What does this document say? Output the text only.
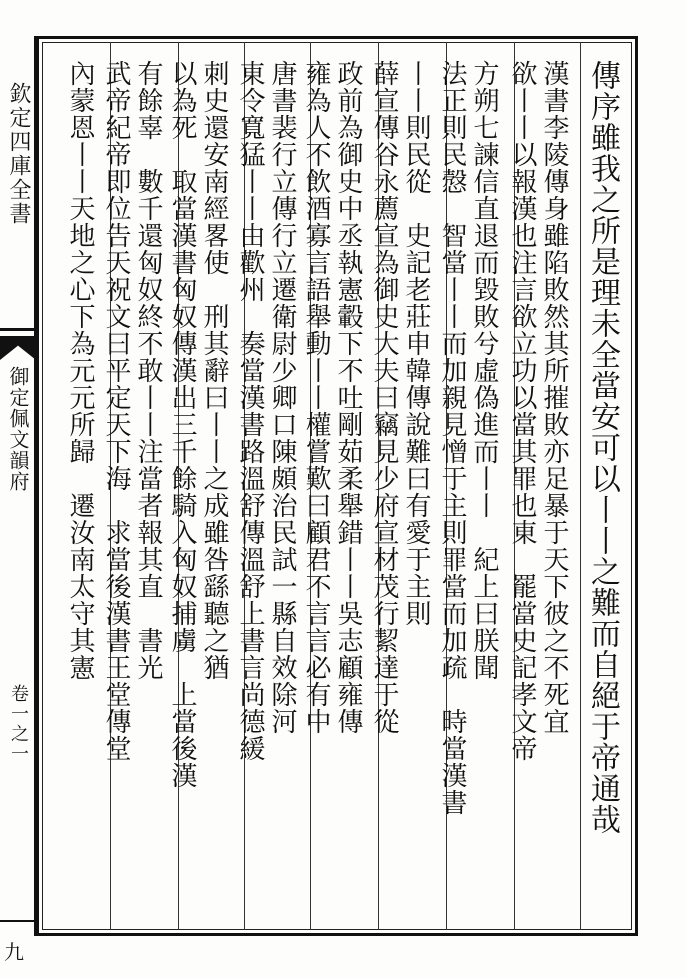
欽定四庫全書
御定佩文韻府
卷一之一
九
傳序雖我之所是理未全當安可以丨丨之難而自絕于帝通哉
漢書李陵傳身雖陷敗然其所摧敗亦足暴于天下彼之不死宜
欲丨丨以報漢也注言欲立功以當其罪也東　罷當史記孝文帝
方朔七諫信直退而毀敗兮虛偽進而丨丨　紀上曰朕聞
法正則民慤　智當丨丨而加親見憎于主則罪當而加疏　時當漢書
丨丨則民從　史記老莊申韓傳說難曰有愛于主則
薛宣傳谷永薦宣為御史大夫曰竊見少府宣材茂行絜達于從
政前為御史中丞執憲轂下不吐剛茹柔舉錯丨丨吳志顧雍傳
雍為人不飲酒寡言語舉動丨丨權嘗歎曰顧君不言言必有中
唐書裴行立傳行立遷衛尉少卿口陳頗治民試一縣自效除河
東令寬猛丨丨由歡州　奏當漢書路溫舒傳溫舒上書言尚德緩
刺史還安南經畧使　刑其辭曰丨丨之成雖咎繇聽之猶
以為死　取當漢書匈奴傳漢出三千餘騎入匈奴捕虜　上當後漢
有餘辜　數千還匈奴終不敢丨丨注當者報其直　書光
武帝紀帝即位告天祝文曰平定天下海　求當後漢書王堂傳堂
內蒙恩丨丨天地之心下為元元所歸　遷汝南太守其憲
